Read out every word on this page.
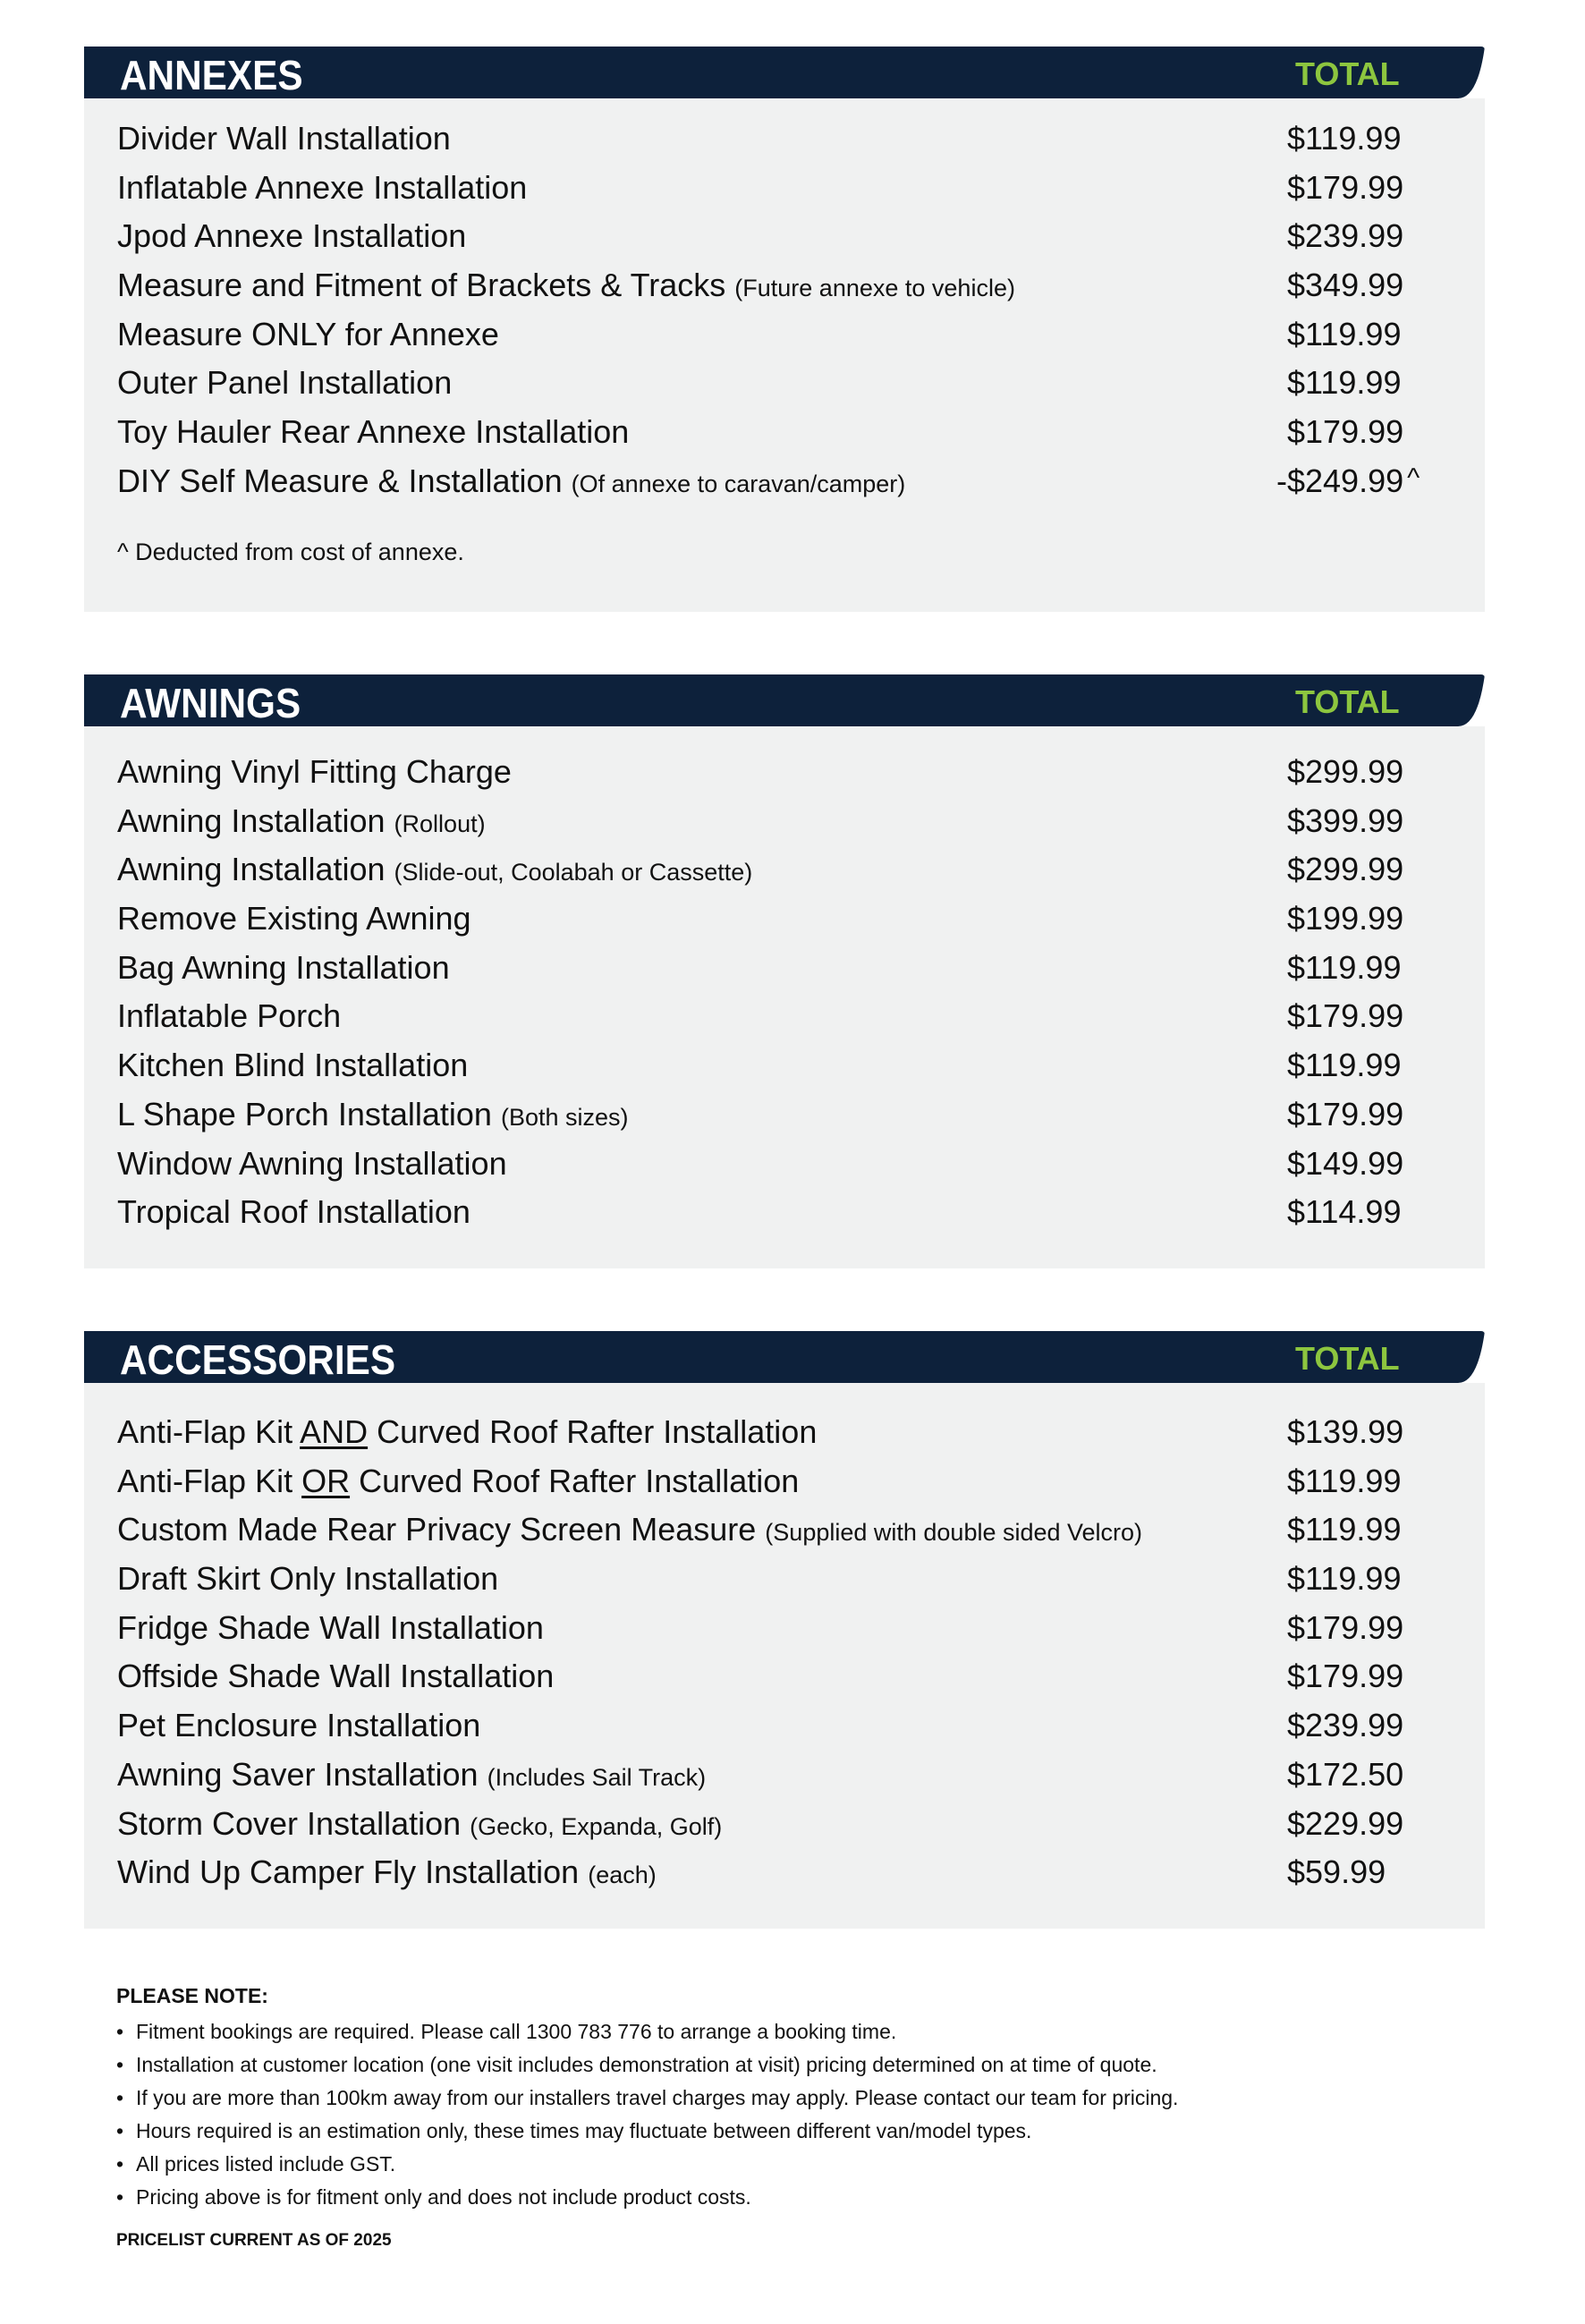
ANNEXES	TOTAL
Divider Wall Installation	$119.99
Inflatable Annexe Installation	$179.99
Jpod Annexe Installation	$239.99
Measure and Fitment of Brackets & Tracks (Future annexe to vehicle)	$349.99
Measure ONLY for Annexe	$119.99
Outer Panel Installation	$119.99
Toy Hauler Rear Annexe Installation	$179.99
DIY Self Measure & Installation (Of annexe to caravan/camper)	-$249.99 ^
^ Deducted from cost of annexe.
AWNINGS	TOTAL
Awning Vinyl Fitting Charge	$299.99
Awning Installation (Rollout)	$399.99
Awning Installation (Slide-out, Coolabah or Cassette)	$299.99
Remove Existing Awning	$199.99
Bag Awning Installation	$119.99
Inflatable Porch	$179.99
Kitchen Blind Installation	$119.99
L Shape Porch Installation (Both sizes)	$179.99
Window Awning Installation	$149.99
Tropical Roof Installation	$114.99
ACCESSORIES	TOTAL
Anti-Flap Kit AND Curved Roof Rafter Installation	$139.99
Anti-Flap Kit OR Curved Roof Rafter Installation	$119.99
Custom Made Rear Privacy Screen Measure (Supplied with double sided Velcro)	$119.99
Draft Skirt Only Installation	$119.99
Fridge Shade Wall Installation	$179.99
Offside Shade Wall Installation	$179.99
Pet Enclosure Installation	$239.99
Awning Saver Installation (Includes Sail Track)	$172.50
Storm Cover Installation (Gecko, Expanda, Golf)	$229.99
Wind Up Camper Fly Installation (each)	$59.99
PLEASE NOTE:
• Fitment bookings are required. Please call 1300 783 776 to arrange a booking time.
• Installation at customer location (one visit includes demonstration at visit) pricing determined on at time of quote.
• If you are more than 100km away from our installers travel charges may apply. Please contact our team for pricing.
• Hours required is an estimation only, these times may fluctuate between different van/model types.
• All prices listed include GST.
• Pricing above is for fitment only and does not include product costs.
PRICELIST CURRENT AS OF 2025
